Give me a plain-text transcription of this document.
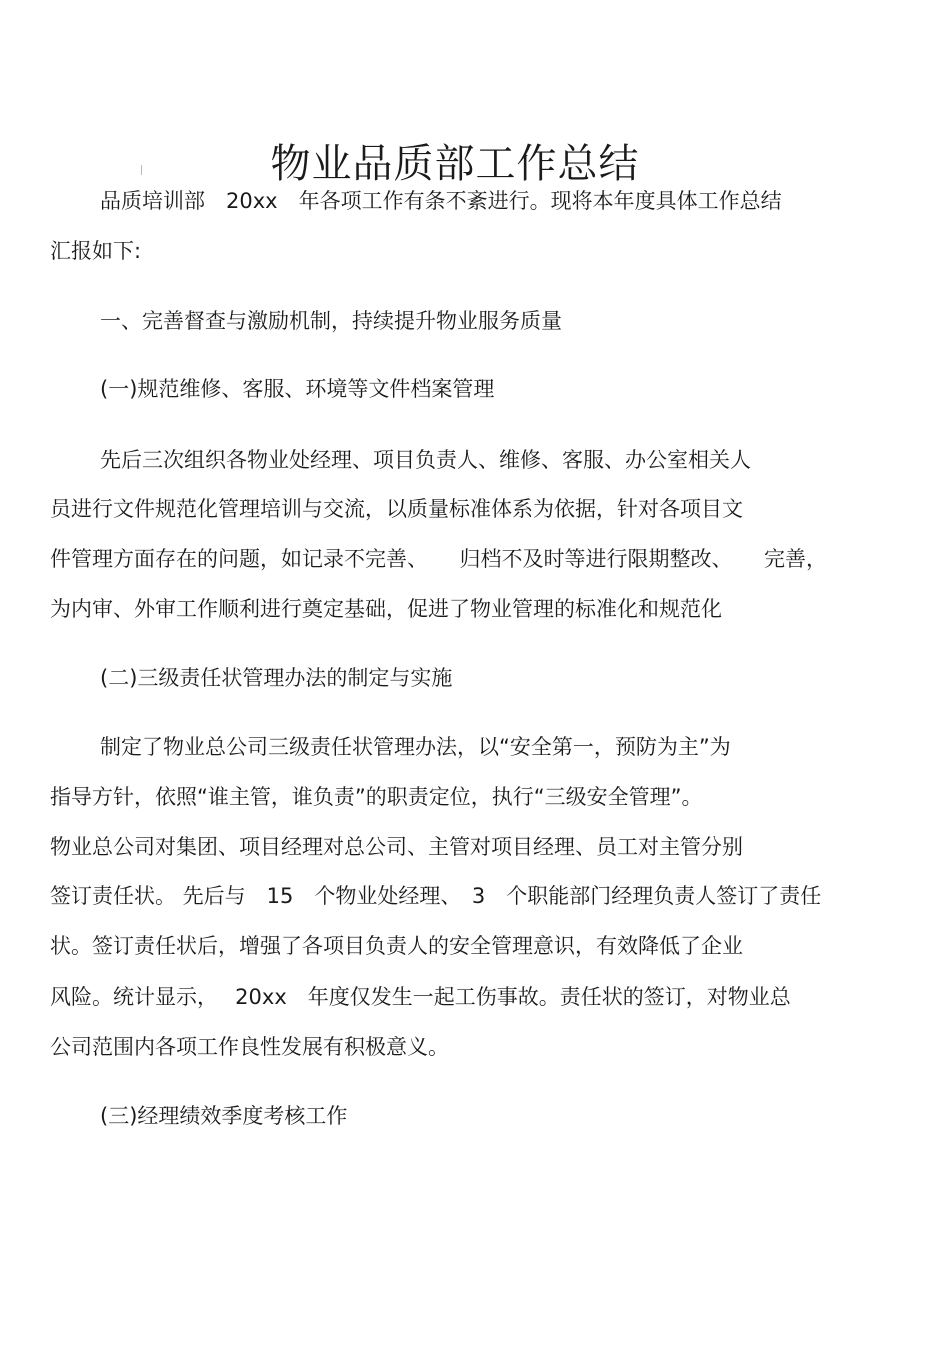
物业品质部工作总结
品质培训部　20xx　年各项工作有条不紊进行。现将本年度具体工作总结
汇报如下:
一、完善督查与激励机制，持续提升物业服务质量
(一)规范维修、客服、环境等文件档案管理
先后三次组织各物业处经理、项目负责人、维修、客服、办公室相关人
员进行文件规范化管理培训与交流，以质量标准体系为依据，针对各项目文
件管理方面存在的问题，如记录不完善、　　归档不及时等进行限期整改、　　完善，
为内审、外审工作顺利进行奠定基础，促进了物业管理的标准化和规范化
(二)三级责任状管理办法的制定与实施
制定了物业总公司三级责任状管理办法，以“安全第一，预防为主”为
指导方针，依照“谁主管，谁负责”的职责定位，执行“三级安全管理”。
物业总公司对集团、项目经理对总公司、主管对项目经理、员工对主管分别
签订责任状。 先后与　15　个物业处经理、　3　个职能部门经理负责人签订了责任
状。签订责任状后，增强了各项目负责人的安全管理意识，有效降低了企业
风险。统计显示，　 20xx　年度仅发生一起工伤事故。责任状的签订，对物业总
公司范围内各项工作良性发展有积极意义。
(三)经理绩效季度考核工作
